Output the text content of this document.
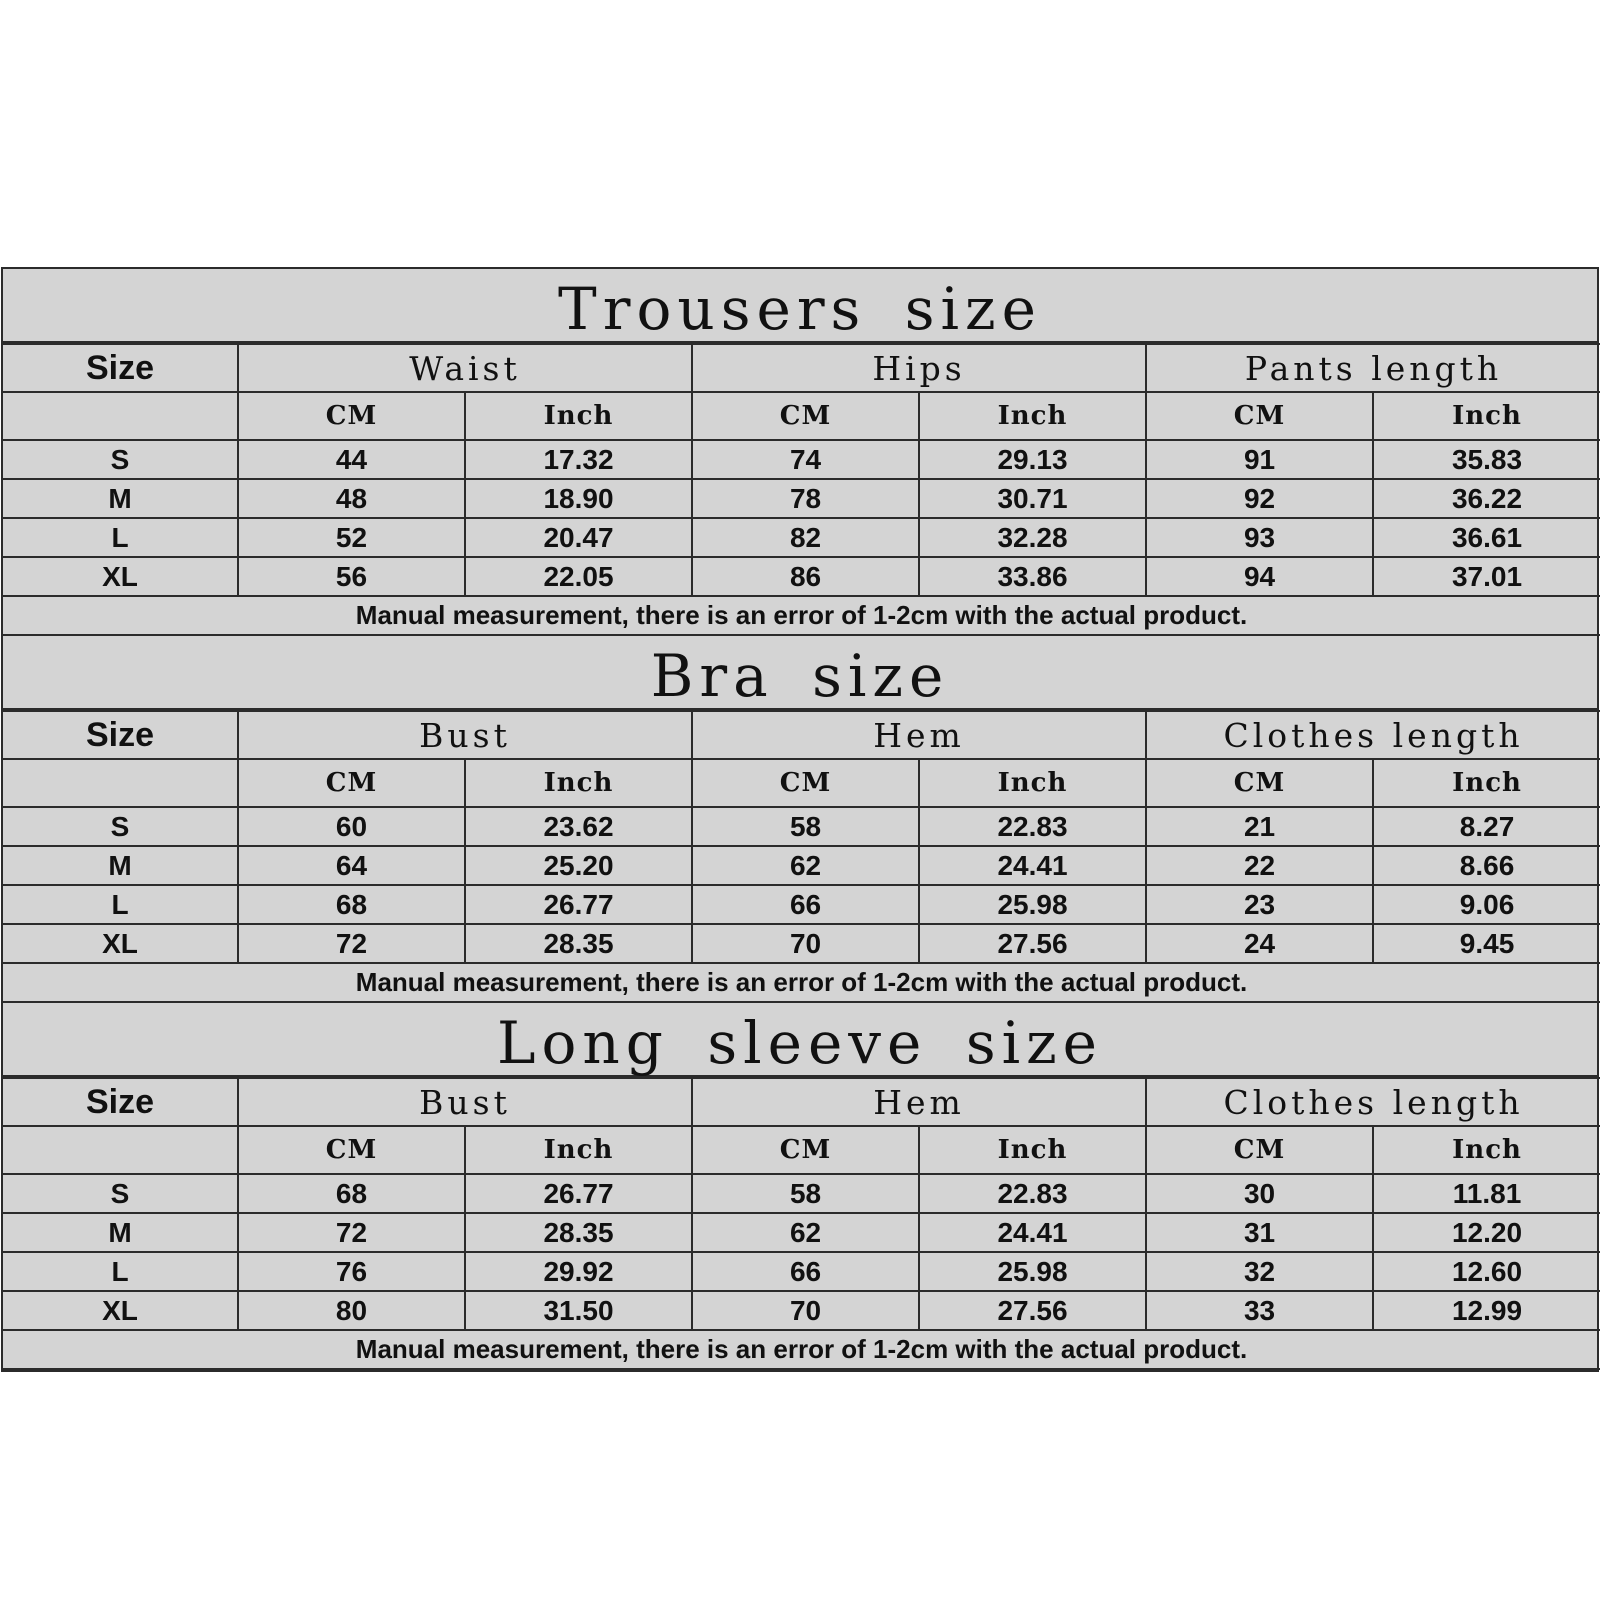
Trousers size
Size	Waist		Hips		Pants length	
	CM	Inch	CM	Inch	CM	Inch
S	44	17.32	74	29.13	91	35.83
M	48	18.90	78	30.71	92	36.22
L	52	20.47	82	32.28	93	36.61
XL	56	22.05	86	33.86	94	37.01
Manual measurement, there is an error of 1-2cm with the actual product.						
Bra size
Size	Bust		Hem		Clothes length	
	CM	Inch	CM	Inch	CM	Inch
S	60	23.62	58	22.83	21	8.27
M	64	25.20	62	24.41	22	8.66
L	68	26.77	66	25.98	23	9.06
XL	72	28.35	70	27.56	24	9.45
Manual measurement, there is an error of 1-2cm with the actual product.						
Long sleeve size
Size	Bust		Hem		Clothes length	
	CM	Inch	CM	Inch	CM	Inch
S	68	26.77	58	22.83	30	11.81
M	72	28.35	62	24.41	31	12.20
L	76	29.92	66	25.98	32	12.60
XL	80	31.50	70	27.56	33	12.99
Manual measurement, there is an error of 1-2cm with the actual product.						
